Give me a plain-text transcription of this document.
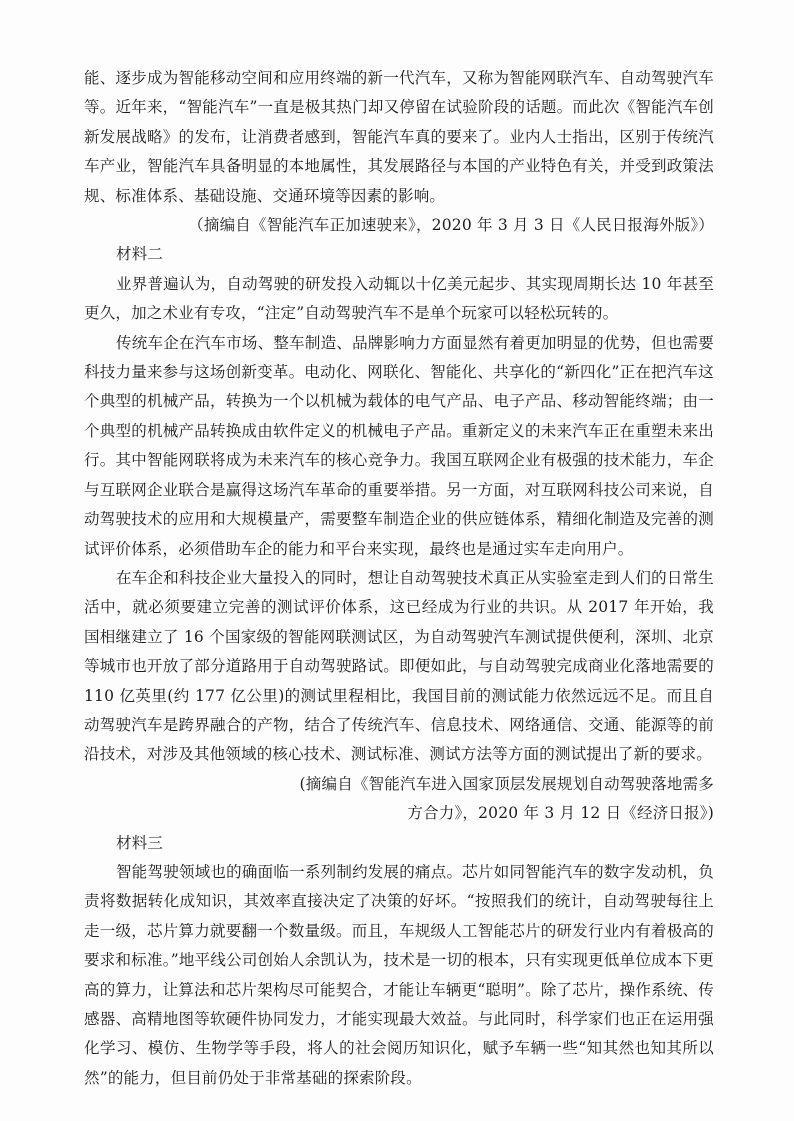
能、逐步成为智能移动空间和应用终端的新一代汽车，又称为智能网联汽车、自动驾驶汽车等。近年来，“智能汽车”一直是极其热门却又停留在试验阶段的话题。而此次《智能汽车创新发展战略》的发布，让消费者感到，智能汽车真的要来了。业内人士指出，区别于传统汽车产业，智能汽车具备明显的本地属性，其发展路径与本国的产业特色有关，并受到政策法规、标准体系、基础设施、交通环境等因素的影响。

（摘编自《智能汽车正加速驶来》，2020 年 3 月 3 日《人民日报海外版》）

材料二

业界普遍认为，自动驾驶的研发投入动辄以十亿美元起步、其实现周期长达 10 年甚至更久，加之术业有专攻，“注定”自动驾驶汽车不是单个玩家可以轻松玩转的。

传统车企在汽车市场、整车制造、品牌影响力方面显然有着更加明显的优势，但也需要科技力量来参与这场创新变革。电动化、网联化、智能化、共享化的“新四化”正在把汽车这个典型的机械产品，转换为一个以机械为载体的电气产品、电子产品、移动智能终端；由一个典型的机械产品转换成由软件定义的机械电子产品。重新定义的未来汽车正在重塑未来出行。其中智能网联将成为未来汽车的核心竞争力。我国互联网企业有极强的技术能力，车企与互联网企业联合是赢得这场汽车革命的重要举措。另一方面，对互联网科技公司来说，自动驾驶技术的应用和大规模量产，需要整车制造企业的供应链体系，精细化制造及完善的测试评价体系，必须借助车企的能力和平台来实现，最终也是通过实车走向用户。

在车企和科技企业大量投入的同时，想让自动驾驶技术真正从实验室走到人们的日常生活中，就必须要建立完善的测试评价体系，这已经成为行业的共识。从 2017 年开始，我国相继建立了 16 个国家级的智能网联测试区，为自动驾驶汽车测试提供便利，深圳、北京等城市也开放了部分道路用于自动驾驶路试。即便如此，与自动驾驶完成商业化落地需要的 110 亿英里(约 177 亿公里)的测试里程相比，我国目前的测试能力依然远远不足。而且自动驾驶汽车是跨界融合的产物，结合了传统汽车、信息技术、网络通信、交通、能源等的前沿技术，对涉及其他领域的核心技术、测试标准、测试方法等方面的测试提出了新的要求。

(摘编自《智能汽车进入国家顶层发展规划自动驾驶落地需多

方合力》，2020 年 3 月 12 日《经济日报》)

材料三

智能驾驶领域也的确面临一系列制约发展的痛点。芯片如同智能汽车的数字发动机，负责将数据转化成知识，其效率直接决定了决策的好坏。“按照我们的统计，自动驾驶每往上走一级，芯片算力就要翻一个数量级。而且，车规级人工智能芯片的研发行业内有着极高的要求和标准。”地平线公司创始人余凯认为，技术是一切的根本，只有实现更低单位成本下更高的算力，让算法和芯片架构尽可能契合，才能让车辆更“聪明”。除了芯片，操作系统、传感器、高精地图等软硬件协同发力，才能实现最大效益。与此同时，科学家们也正在运用强化学习、模仿、生物学等手段，将人的社会阅历知识化，赋予车辆一些“知其然也知其所以然”的能力，但目前仍处于非常基础的探索阶段。
